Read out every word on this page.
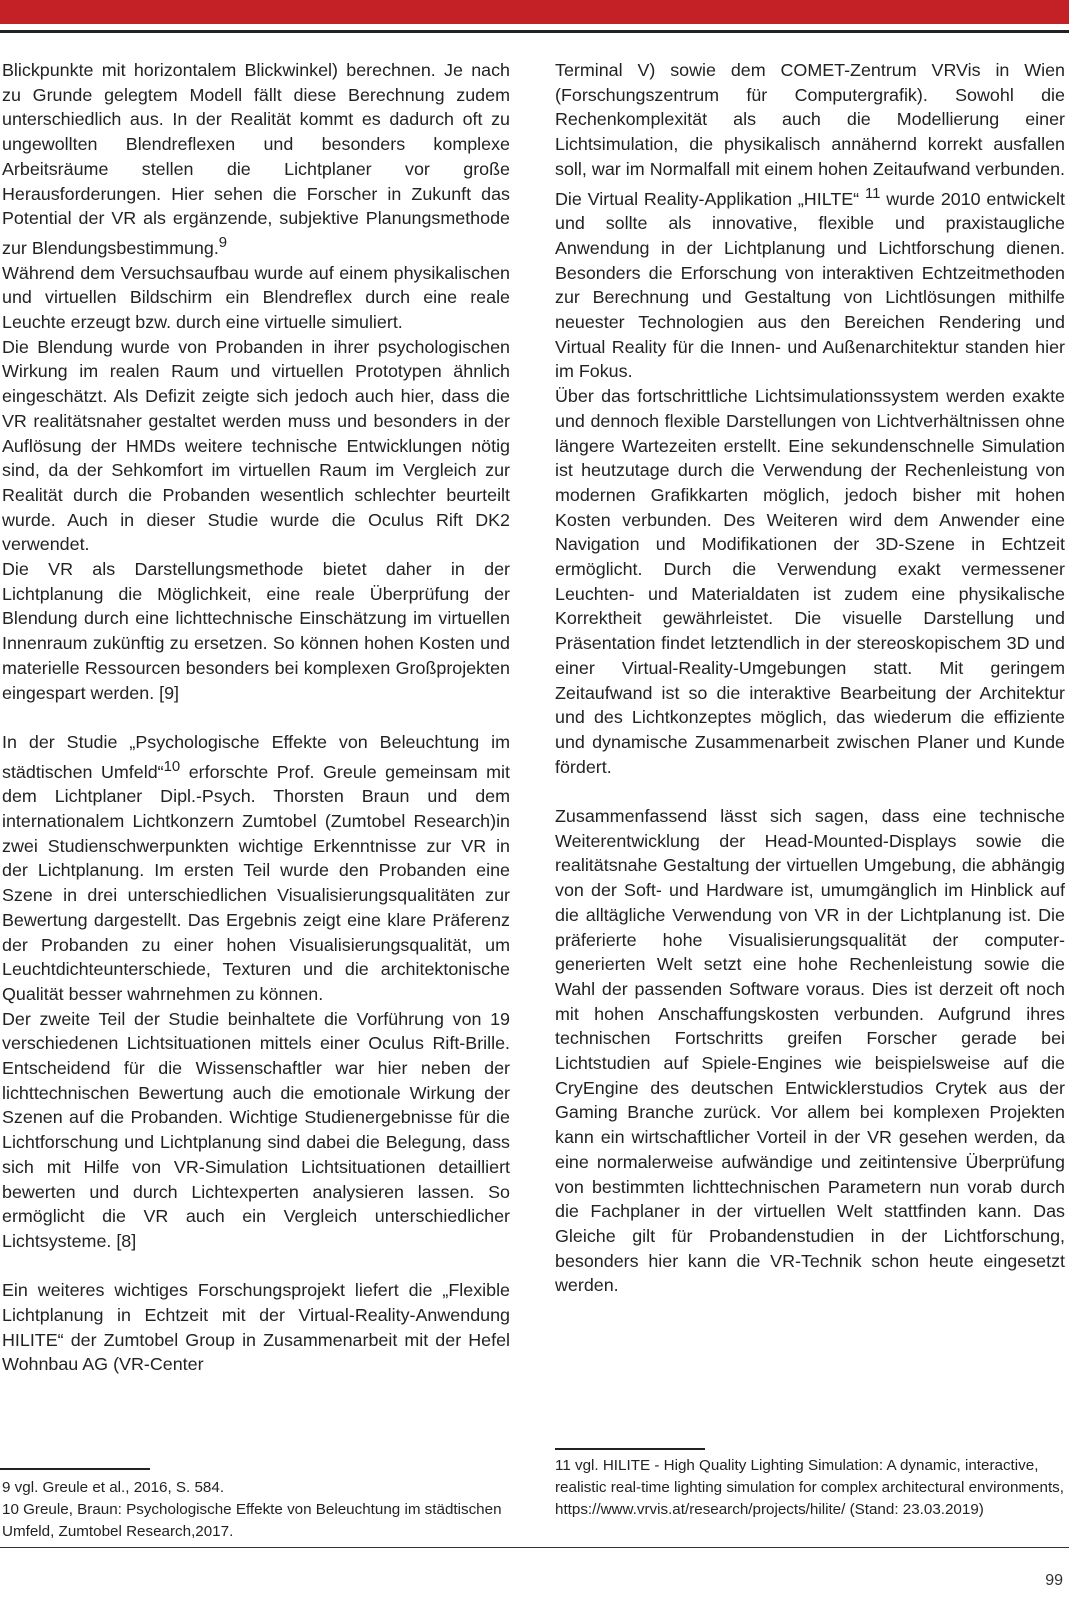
Blickpunkte mit horizontalem Blickwinkel) berechnen. Je nach zu Grunde gelegtem Modell fällt diese Berechnung zudem unterschiedlich aus. In der Realität kommt es dadurch oft zu ungewollten Blendreflexen und besonders komplexe Arbeitsräume stellen die Lichtplaner vor große Herausforderungen. Hier sehen die Forscher in Zukunft das Potential der VR als ergänzende, subjektive Planungsmethode zur Blendungsbestimmung.$^9$

Während dem Versuchsaufbau wurde auf einem physikalischen und virtuellen Bildschirm ein Blendreflex durch eine reale Leuchte erzeugt bzw. durch eine virtuelle simuliert.

Die Blendung wurde von Probanden in ihrer psychologischen Wirkung im realen Raum und virtuellen Prototypen ähnlich eingeschätzt. Als Defizit zeigte sich jedoch auch hier, dass die VR realitätsnaher gestaltet werden muss und besonders in der Auflösung der HMDs weitere technische Entwicklungen nötig sind, da der Sehkomfort im virtuellen Raum im Vergleich zur Realität durch die Probanden wesentlich schlechter beurteilt wurde. Auch in dieser Studie wurde die Oculus Rift DK2 verwendet.

Die VR als Darstellungsmethode bietet daher in der Lichtplanung die Möglichkeit, eine reale Überprüfung der Blendung durch eine lichttechnische Einschätzung im virtuellen Innenraum zukünftig zu ersetzen. So können hohen Kosten und materielle Ressourcen besonders bei komplexen Großprojekten eingespart werden. [9]

In der Studie „Psychologische Effekte von Beleuchtung im städtischen Umfeld“$^{10}$ erforschte Prof. Greule gemeinsam mit dem Lichtplaner Dipl.-Psych. Thorsten Braun und dem internationalem Lichtkonzern Zumtobel (Zumtobel Research)in zwei Studienschwerpunkten wichtige Erkenntnisse zur VR in der Lichtplanung. Im ersten Teil wurde den Probanden eine Szene in drei unterschiedlichen Visualisierungsqualitäten zur Bewertung dargestellt. Das Ergebnis zeigt eine klare Präferenz der Probanden zu einer hohen Visualisierungsqualität, um Leuchtdichteunterschiede, Texturen und die architektonische Qualität besser wahrnehmen zu können.

Der zweite Teil der Studie beinhaltete die Vorführung von 19 verschiedenen Lichtsituationen mittels einer Oculus Rift-Brille. Entscheidend für die Wissenschaftler war hier neben der lichttechnischen Bewertung auch die emotionale Wirkung der Szenen auf die Probanden. Wichtige Studienergebnisse für die Lichtforschung und Lichtplanung sind dabei die Belegung, dass sich mit Hilfe von VR-Simulation Lichtsituationen detailliert bewerten und durch Lichtexperten analysieren lassen. So ermöglicht die VR auch ein Vergleich unterschiedlicher Lichtsysteme. [8]

Ein weiteres wichtiges Forschungsprojekt liefert die „Flexible Lichtplanung in Echtzeit mit der Virtual-Reality-Anwendung HILITE“ der Zumtobel Group in Zusammenarbeit mit der Hefel Wohnbau AG (VR-Center

Terminal V) sowie dem COMET-Zentrum VRVis in Wien (Forschungszentrum für Computergrafik). Sowohl die Rechenkomplexität als auch die Modellierung einer Lichtsimulation, die physikalisch annähernd korrekt ausfallen soll, war im Normalfall mit einem hohen Zeitaufwand verbunden. Die Virtual Reality-Applikation „HILTE“ $^{11}$ wurde 2010 entwickelt und sollte als innovative, flexible und praxistaugliche Anwendung in der Lichtplanung und Lichtforschung dienen. Besonders die Erforschung von interaktiven Echtzeitmethoden zur Berechnung und Gestaltung von Lichtlösungen mithilfe neuester Technologien aus den Bereichen Rendering und Virtual Reality für die Innen- und Außenarchitektur standen hier im Fokus.

Über das fortschrittliche Lichtsimulationssystem werden exakte und dennoch flexible Darstellungen von Lichtverhältnissen ohne längere Wartezeiten erstellt. Eine sekundenschnelle Simulation ist heutzutage durch die Verwendung der Rechenleistung von modernen Grafikkarten möglich, jedoch bisher mit hohen Kosten verbunden. Des Weiteren wird dem Anwender eine Navigation und Modifikationen der 3D-Szene in Echtzeit ermöglicht. Durch die Verwendung exakt vermessener Leuchten- und Materialdaten ist zudem eine physikalische Korrektheit gewährleistet. Die visuelle Darstellung und Präsentation findet letztendlich in der stereoskopischem 3D und einer Virtual-Reality-Umgebungen statt. Mit geringem Zeitaufwand ist so die interaktive Bearbeitung der Architektur und des Lichtkonzeptes möglich, das wiederum die effiziente und dynamische Zusammenarbeit zwischen Planer und Kunde fördert.

Zusammenfassend lässt sich sagen, dass eine technische Weiterentwicklung der Head-Mounted-Displays sowie die realitätsnahe Gestaltung der virtuellen Umgebung, die abhängig von der Soft- und Hardware ist, umumgänglich im Hinblick auf die alltägliche Verwendung von VR in der Lichtplanung ist. Die präferierte hohe Visualisierungsqualität der computer-generierten Welt setzt eine hohe Rechenleistung sowie die Wahl der passenden Software voraus. Dies ist derzeit oft noch mit hohen Anschaffungskosten verbunden. Aufgrund ihres technischen Fortschritts greifen Forscher gerade bei Lichtstudien auf Spiele-Engines wie beispielsweise auf die CryEngine des deutschen Entwicklerstudios Crytek aus der Gaming Branche zurück. Vor allem bei komplexen Projekten kann ein wirtschaftlicher Vorteil in der VR gesehen werden, da eine normalerweise aufwändige und zeitintensive Überprüfung von bestimmten lichttechnischen Parametern nun vorab durch die Fachplaner in der virtuellen Welt stattfinden kann. Das Gleiche gilt für Probandenstudien in der Lichtforschung, besonders hier kann die VR-Technik schon heute eingesetzt werden.

9 vgl. Greule et al., 2016, S. 584.

10 Greule, Braun: Psychologische Effekte von Beleuchtung im städtischen Umfeld, Zumtobel Research,2017.

11 vgl. HILITE - High Quality Lighting Simulation: A dynamic, interactive, realistic real-time lighting simulation for complex architectural environments, https://www.vrvis.at/research/projects/hilite/ (Stand: 23.03.2019)

99
